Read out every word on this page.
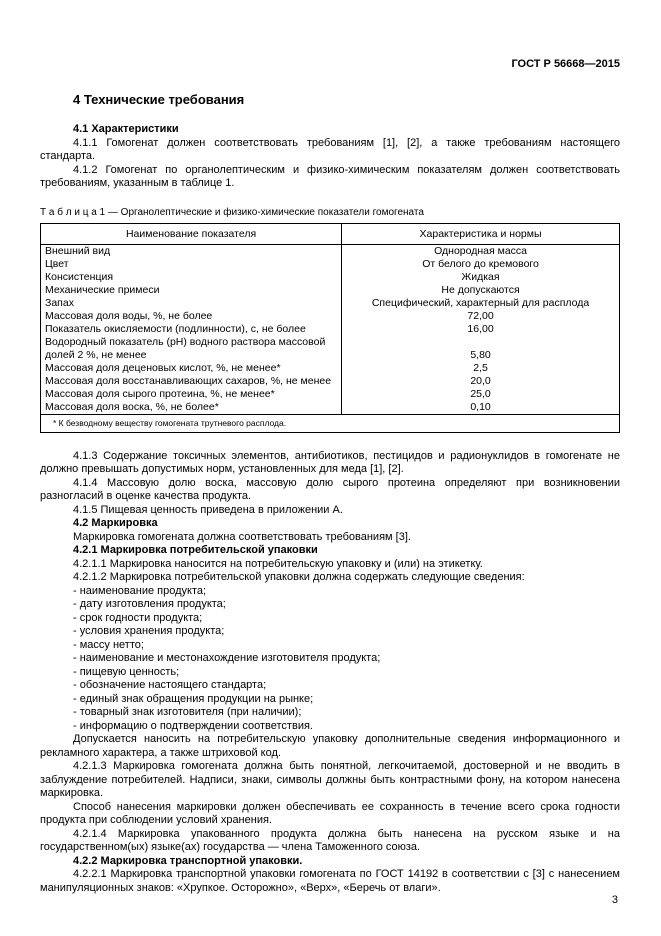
ГОСТ Р 56668—2015
4 Технические требования
4.1 Характеристики

4.1.1 Гомогенат должен соответствовать требованиям [1], [2], а также требованиям настоящего стандарта.

4.1.2 Гомогенат по органолептическим и физико-химическим показателям должен соответствовать требованиям, указанным в таблице 1.

Т а б л и ц а 1 — Органолептические и физико-химические показатели гомогената
Наименование показателя	Характеристика и нормы
Внешний вид	Однородная масса
Цвет	От белого до кремового
Консистенция	Жидкая
Механические примеси	Не допускаются
Запах	Специфический, характерный для расплода
Массовая доля воды, %, не более	72,00
Показатель окисляемости (подлинности), с, не более	16,00
Водородный показатель (рН) водного раствора массовой долей 2 %, не менее	5,80
Массовая доля деценовых кислот, %, не менее*	2,5
Массовая доля восстанавливающих сахаров, %, не менее	20,0
Массовая доля сырого протеина, %, не менее*	25,0
Массовая доля воска, %, не более*	0,10
* К безводному веществу гомогената трутневого расплода.	

4.1.3 Содержание токсичных элементов, антибиотиков, пестицидов и радионуклидов в гомогенате не должно превышать допустимых норм, установленных для меда [1], [2].

4.1.4 Массовую долю воска, массовую долю сырого протеина определяют при возникновении разногласий в оценке качества продукта.

4.1.5 Пищевая ценность приведена в приложении А.

4.2 Маркировка

Маркировка гомогената должна соответствовать требованиям [3].

4.2.1 Маркировка потребительской упаковки

4.2.1.1 Маркировка наносится на потребительскую упаковку и (или) на этикетку.

4.2.1.2 Маркировка потребительской упаковки должна содержать следующие сведения:

- наименование продукта;
- дату изготовления продукта;
- срок годности продукта;
- условия хранения продукта;
- массу нетто;
- наименование и местонахождение изготовителя продукта;
- пищевую ценность;
- обозначение настоящего стандарта;
- единый знак обращения продукции на рынке;
- товарный знак изготовителя (при наличии);
- информацию о подтверждении соответствия.

Допускается наносить на потребительскую упаковку дополнительные сведения информационного и рекламного характера, а также штриховой код.

4.2.1.3 Маркировка гомогената должна быть понятной, легкочитаемой, достоверной и не вводить в заблуждение потребителей. Надписи, знаки, символы должны быть контрастными фону, на котором нанесена маркировка.

Способ нанесения маркировки должен обеспечивать ее сохранность в течение всего срока годности продукта при соблюдении условий хранения.

4.2.1.4 Маркировка упакованного продукта должна быть нанесена на русском языке и на государственном(ых) языке(ах) государства — члена Таможенного союза.

4.2.2 Маркировка транспортной упаковки.

4.2.2.1 Маркировка транспортной упаковки гомогената по ГОСТ 14192 в соответствии с [3] с нанесением манипуляционных знаков: «Хрупкое. Осторожно», «Верх», «Беречь от влаги».

3
